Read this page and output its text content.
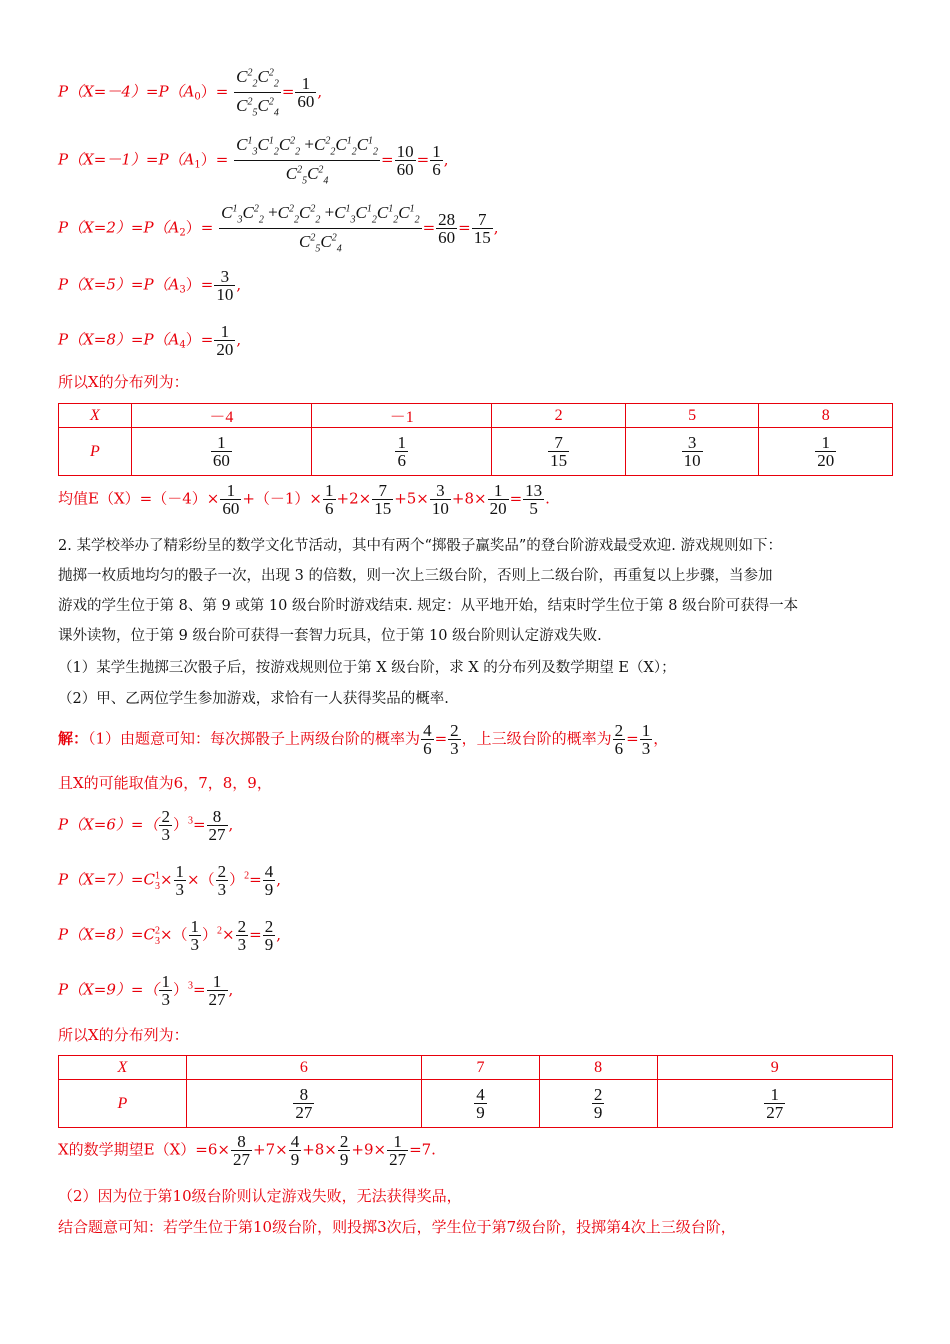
$P(X=-4)=P(A_0)= \frac{C^2_2C^2_2}{C^2_5C^2_4} = \frac{1}{60}$ ,
$P(X=-1)=P(A_1)= \frac{C^1_3C^1_2C^2_2 +C^2_2C^1_2C^1_2}{C^2_5C^2_4} = \frac{10}{60} = \frac{1}{6}$ ,
$P(X=2)=P(A_2)= \frac{C^1_3C^2_2 +C^2_2C^2_2 +C^1_3C^1_2C^1_2C^1_2}{C^2_5C^2_4} = \frac{28}{60} = \frac{7}{15}$ ,
$P(X=5)=P(A_3)= \frac{3}{10}$ ,
$P(X=8)=P(A_4)= \frac{1}{20}$ ,
所以X的分布列为：
X	－4	－1	2	5	8
P	$\frac{1}{60}$	$\frac{1}{6}$	$\frac{7}{15}$	$\frac{3}{10}$	$\frac{1}{20}$
均值$E(X)=(-4)\times \frac{1}{60} +(-1)\times \frac{1}{6} +2\times \frac{7}{15} +5\times \frac{3}{10} +8\times \frac{1}{20} = \frac{13}{5}$ .
2. 某学校举办了精彩纷呈的数学文化节活动，其中有两个“掷骰子赢奖品”的登台阶游戏最受欢迎. 游戏规则如下：
抛掷一枚质地均匀的骰子一次，出现 3 的倍数，则一次上三级台阶，否则上二级台阶，再重复以上步骤，当参加
游戏的学生位于第 8、第 9 或第 10 级台阶时游戏结束. 规定：从平地开始，结束时学生位于第 8 级台阶可获得一本
课外读物，位于第 9 级台阶可获得一套智力玩具，位于第 10 级台阶则认定游戏失败.
（1）某学生抛掷三次骰子后，按游戏规则位于第 X 级台阶，求 X 的分布列及数学期望 E（X）；
（2）甲、乙两位学生参加游戏，求恰有一人获得奖品的概率.
解：（1）由题意可知：每次掷骰子上两级台阶的概率为 $\frac{4}{6} = \frac{2}{3}$ ，上三级台阶的概率为 $\frac{2}{6} = \frac{1}{3}$ ，
且X的可能取值为6，7，8，9，
$P(X=6)=( \frac{2}{3} )^3= \frac{8}{27}$ ,
$P(X=7)=C^1_3\times \frac{1}{3}$ ×（ $\frac{2}{3} )^2= \frac{4}{9}$ ,
$P(X=8)=C^2_3\times( \frac{1}{3} )^2\times \frac{2}{3} = \frac{2}{9}$ ,
$P(X=9)=( \frac{1}{3} )^3= \frac{1}{27}$ ,
所以X的分布列为：
X	6	7	8	9
P	$\frac{8}{27}$	$\frac{4}{9}$	$\frac{2}{9}$	$\frac{1}{27}$
X的数学期望$E(X)=6\times \frac{8}{27} +7\times \frac{4}{9} +8\times \frac{2}{9} +9\times \frac{1}{27} =7$.
（2）因为位于第10级台阶则认定游戏失败，无法获得奖品，
结合题意可知：若学生位于第10级台阶，则投掷3次后，学生位于第7级台阶，投掷第4次上三级台阶，
